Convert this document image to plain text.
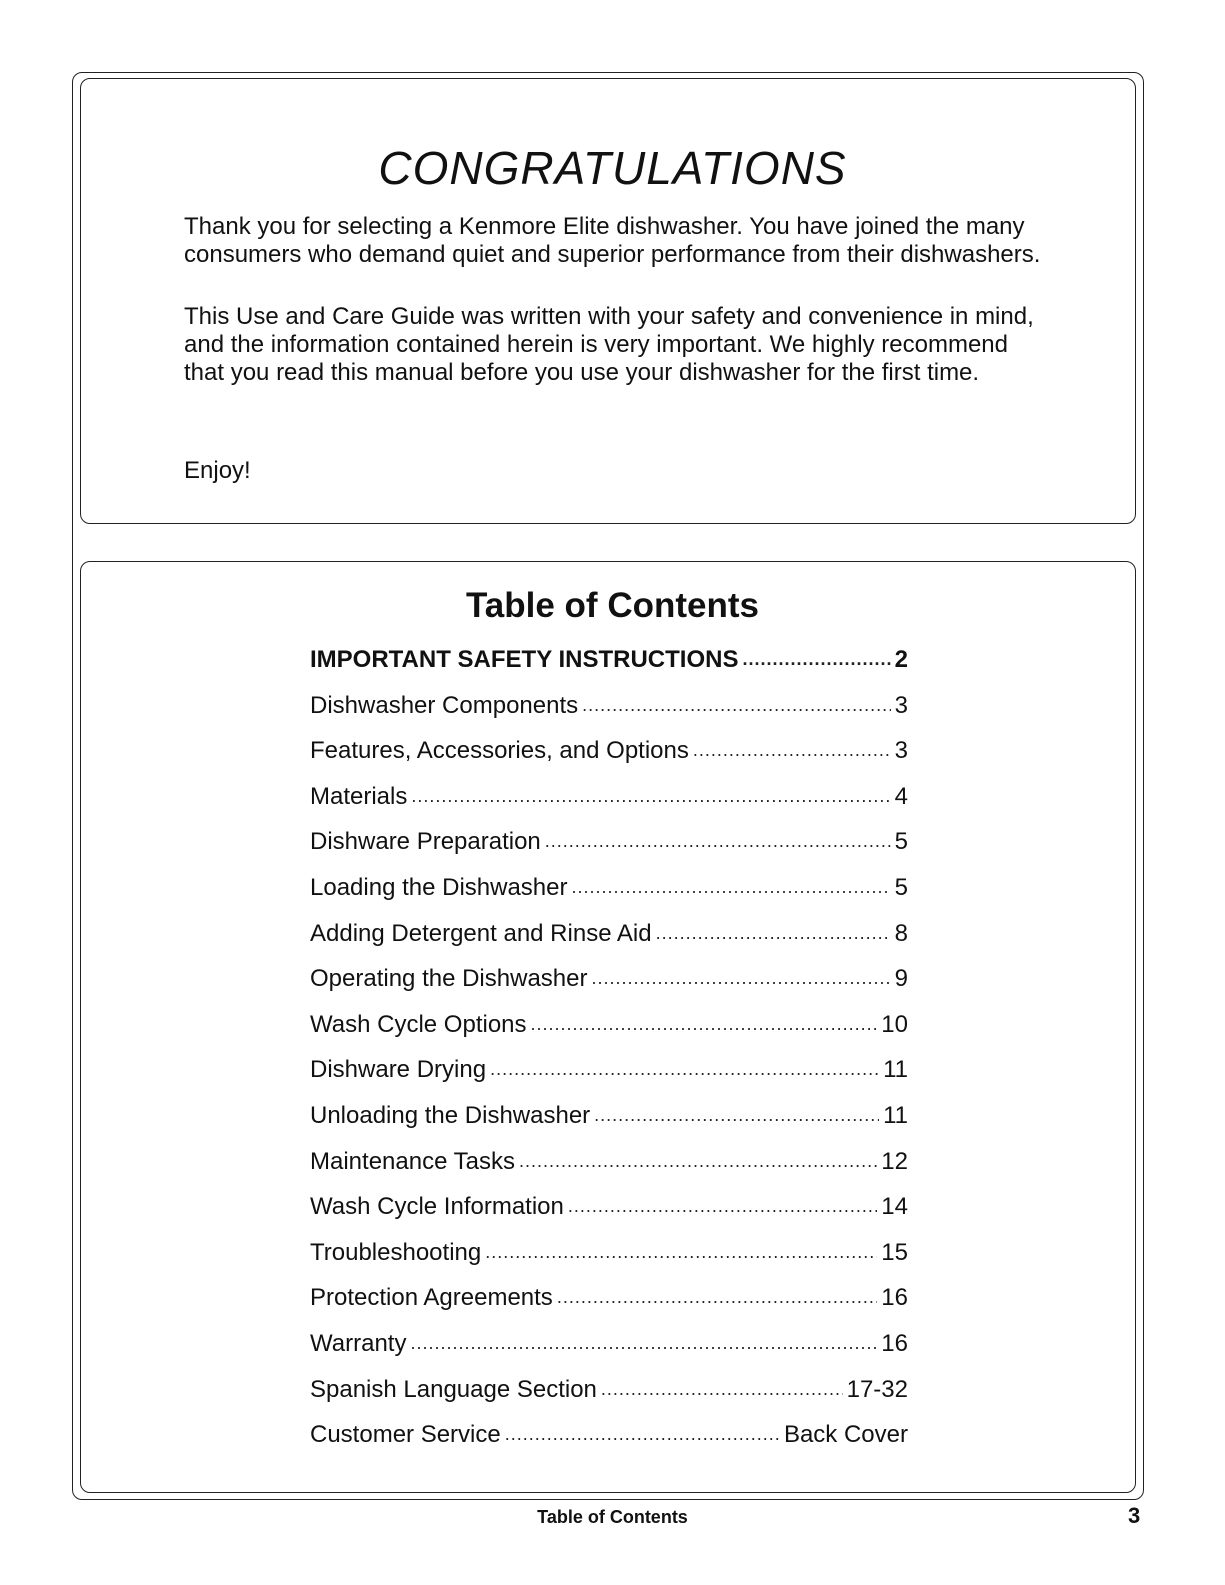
CONGRATULATIONS

Thank you for selecting a Kenmore Elite dishwasher. You have joined the many consumers who demand quiet and superior performance from their dishwashers.

This Use and Care Guide was written with your safety and convenience in mind, and the information contained herein is very important. We highly recommend that you read this manual before you use your dishwasher for the first time.

Enjoy!

Table of Contents
IMPORTANT SAFETY INSTRUCTIONS .....	2
Dishwasher Components .....	3
Features, Accessories, and Options .....	3
Materials .....	4
Dishware Preparation .....	5
Loading the Dishwasher .....	5
Adding Detergent and Rinse Aid .....	8
Operating the Dishwasher .....	9
Wash Cycle Options .....	10
Dishware Drying .....	11
Unloading the Dishwasher .....	11
Maintenance Tasks .....	12
Wash Cycle Information .....	14
Troubleshooting .....	15
Protection Agreements .....	16
Warranty .....	16
Spanish Language Section .....	17-32
Customer Service .....	Back Cover
Table of Contents	3
